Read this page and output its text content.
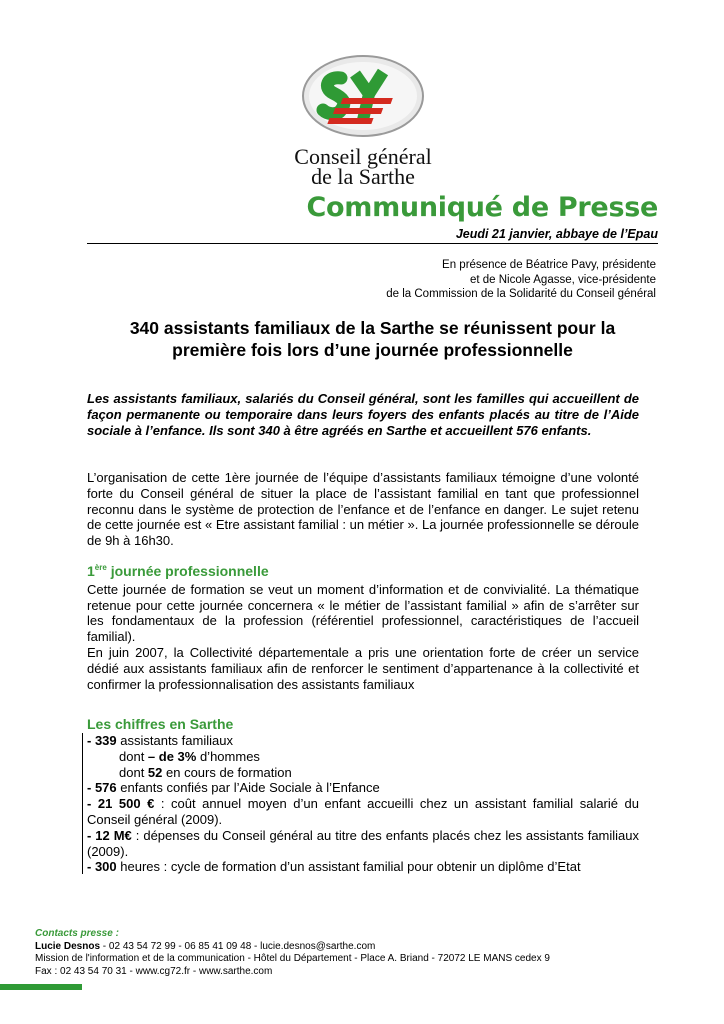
Conseil général
de la Sarthe
Communiqué de Presse
Jeudi 21 janvier, abbaye de l’Epau
En présence de Béatrice Pavy, présidente
et de Nicole Agasse, vice-présidente
de la Commission de la Solidarité du Conseil général
340 assistants familiaux de la Sarthe se réunissent pour la
première fois lors d’une journée professionnelle

Les assistants familiaux, salariés du Conseil général, sont les familles qui accueillent de façon permanente ou temporaire dans leurs foyers des enfants placés au titre de l’Aide sociale à l’enfance. Ils sont 340 à être agréés en Sarthe et accueillent 576 enfants.

L’organisation de cette 1ère journée de l’équipe d’assistants familiaux témoigne d’une volonté forte du Conseil général de situer la place de l’assistant familial en tant que professionnel reconnu dans le système de protection de l’enfance et de l’enfance en danger. Le sujet retenu de cette journée est « Etre assistant familial : un métier ». La journée professionnelle se déroule de 9h à 16h30.

1ère journée professionnelle

Cette journée de formation se veut un moment d’information et de convivialité. La thématique retenue pour cette journée concernera « le métier de l’assistant familial » afin de s’arrêter sur les fondamentaux de la profession (référentiel professionnel, caractéristiques de l’accueil familial).

En juin 2007, la Collectivité départementale a pris une orientation forte de créer un service dédié aux assistants familiaux afin de renforcer le sentiment d’appartenance à la collectivité et confirmer la professionnalisation des assistants familiaux

Les chiffres en Sarthe
- 339 assistants familiaux
dont – de 3% d’hommes
dont 52 en cours de formation
- 576 enfants confiés par l’Aide Sociale à l’Enfance
- 21 500 € : coût annuel moyen d’un enfant accueilli chez un assistant familial salarié du Conseil général (2009).
- 12 M€ : dépenses du Conseil général au titre des enfants placés chez les assistants familiaux (2009).
- 300 heures : cycle de formation d’un assistant familial pour obtenir un diplôme d’Etat
Contacts presse :
Lucie Desnos - 02 43 54 72 99 - 06 85 41 09 48 - lucie.desnos@sarthe.com
Mission de l'information et de la communication - Hôtel du Département - Place A. Briand - 72072 LE MANS cedex 9
Fax : 02 43 54 70 31 - www.cg72.fr - www.sarthe.com
